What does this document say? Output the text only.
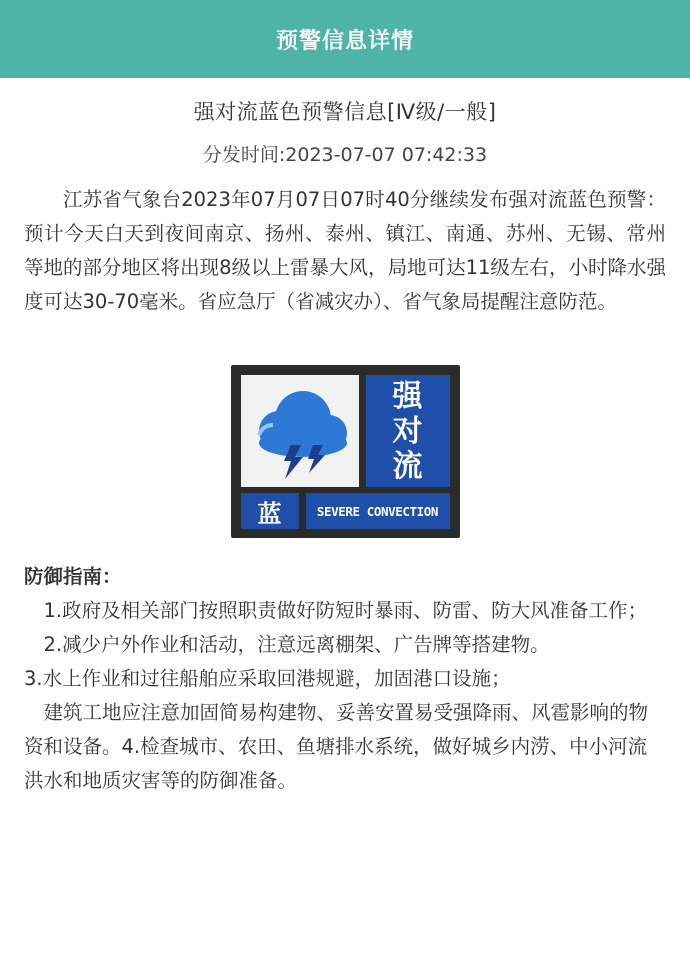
预警信息详情
强对流蓝色预警信息[Ⅳ级/一般]
分发时间:2023-07-07 07:42:33
江苏省气象台2023年07月07日07时40分继续发布强对流蓝色预警：预计今天白天到夜间南京、扬州、泰州、镇江、南通、苏州、无锡、常州等地的部分地区将出现8级以上雷暴大风，局地可达11级左右，小时降水强度可达30-70毫米。省应急厅（省减灾办）、省气象局提醒注意防范。
强
对
流
蓝	SEVERE CONVECTION

防御指南：

1.政府及相关部门按照职责做好防短时暴雨、防雷、防大风准备工作；

2.减少户外作业和活动，注意远离棚架、广告牌等搭建物。

3.水上作业和过往船舶应采取回港规避，加固港口设施；

建筑工地应注意加固简易构建物、妥善安置易受强降雨、风雹影响的物资和设备。4.检查城市、农田、鱼塘排水系统，做好城乡内涝、中小河流洪水和地质灾害等的防御准备。
